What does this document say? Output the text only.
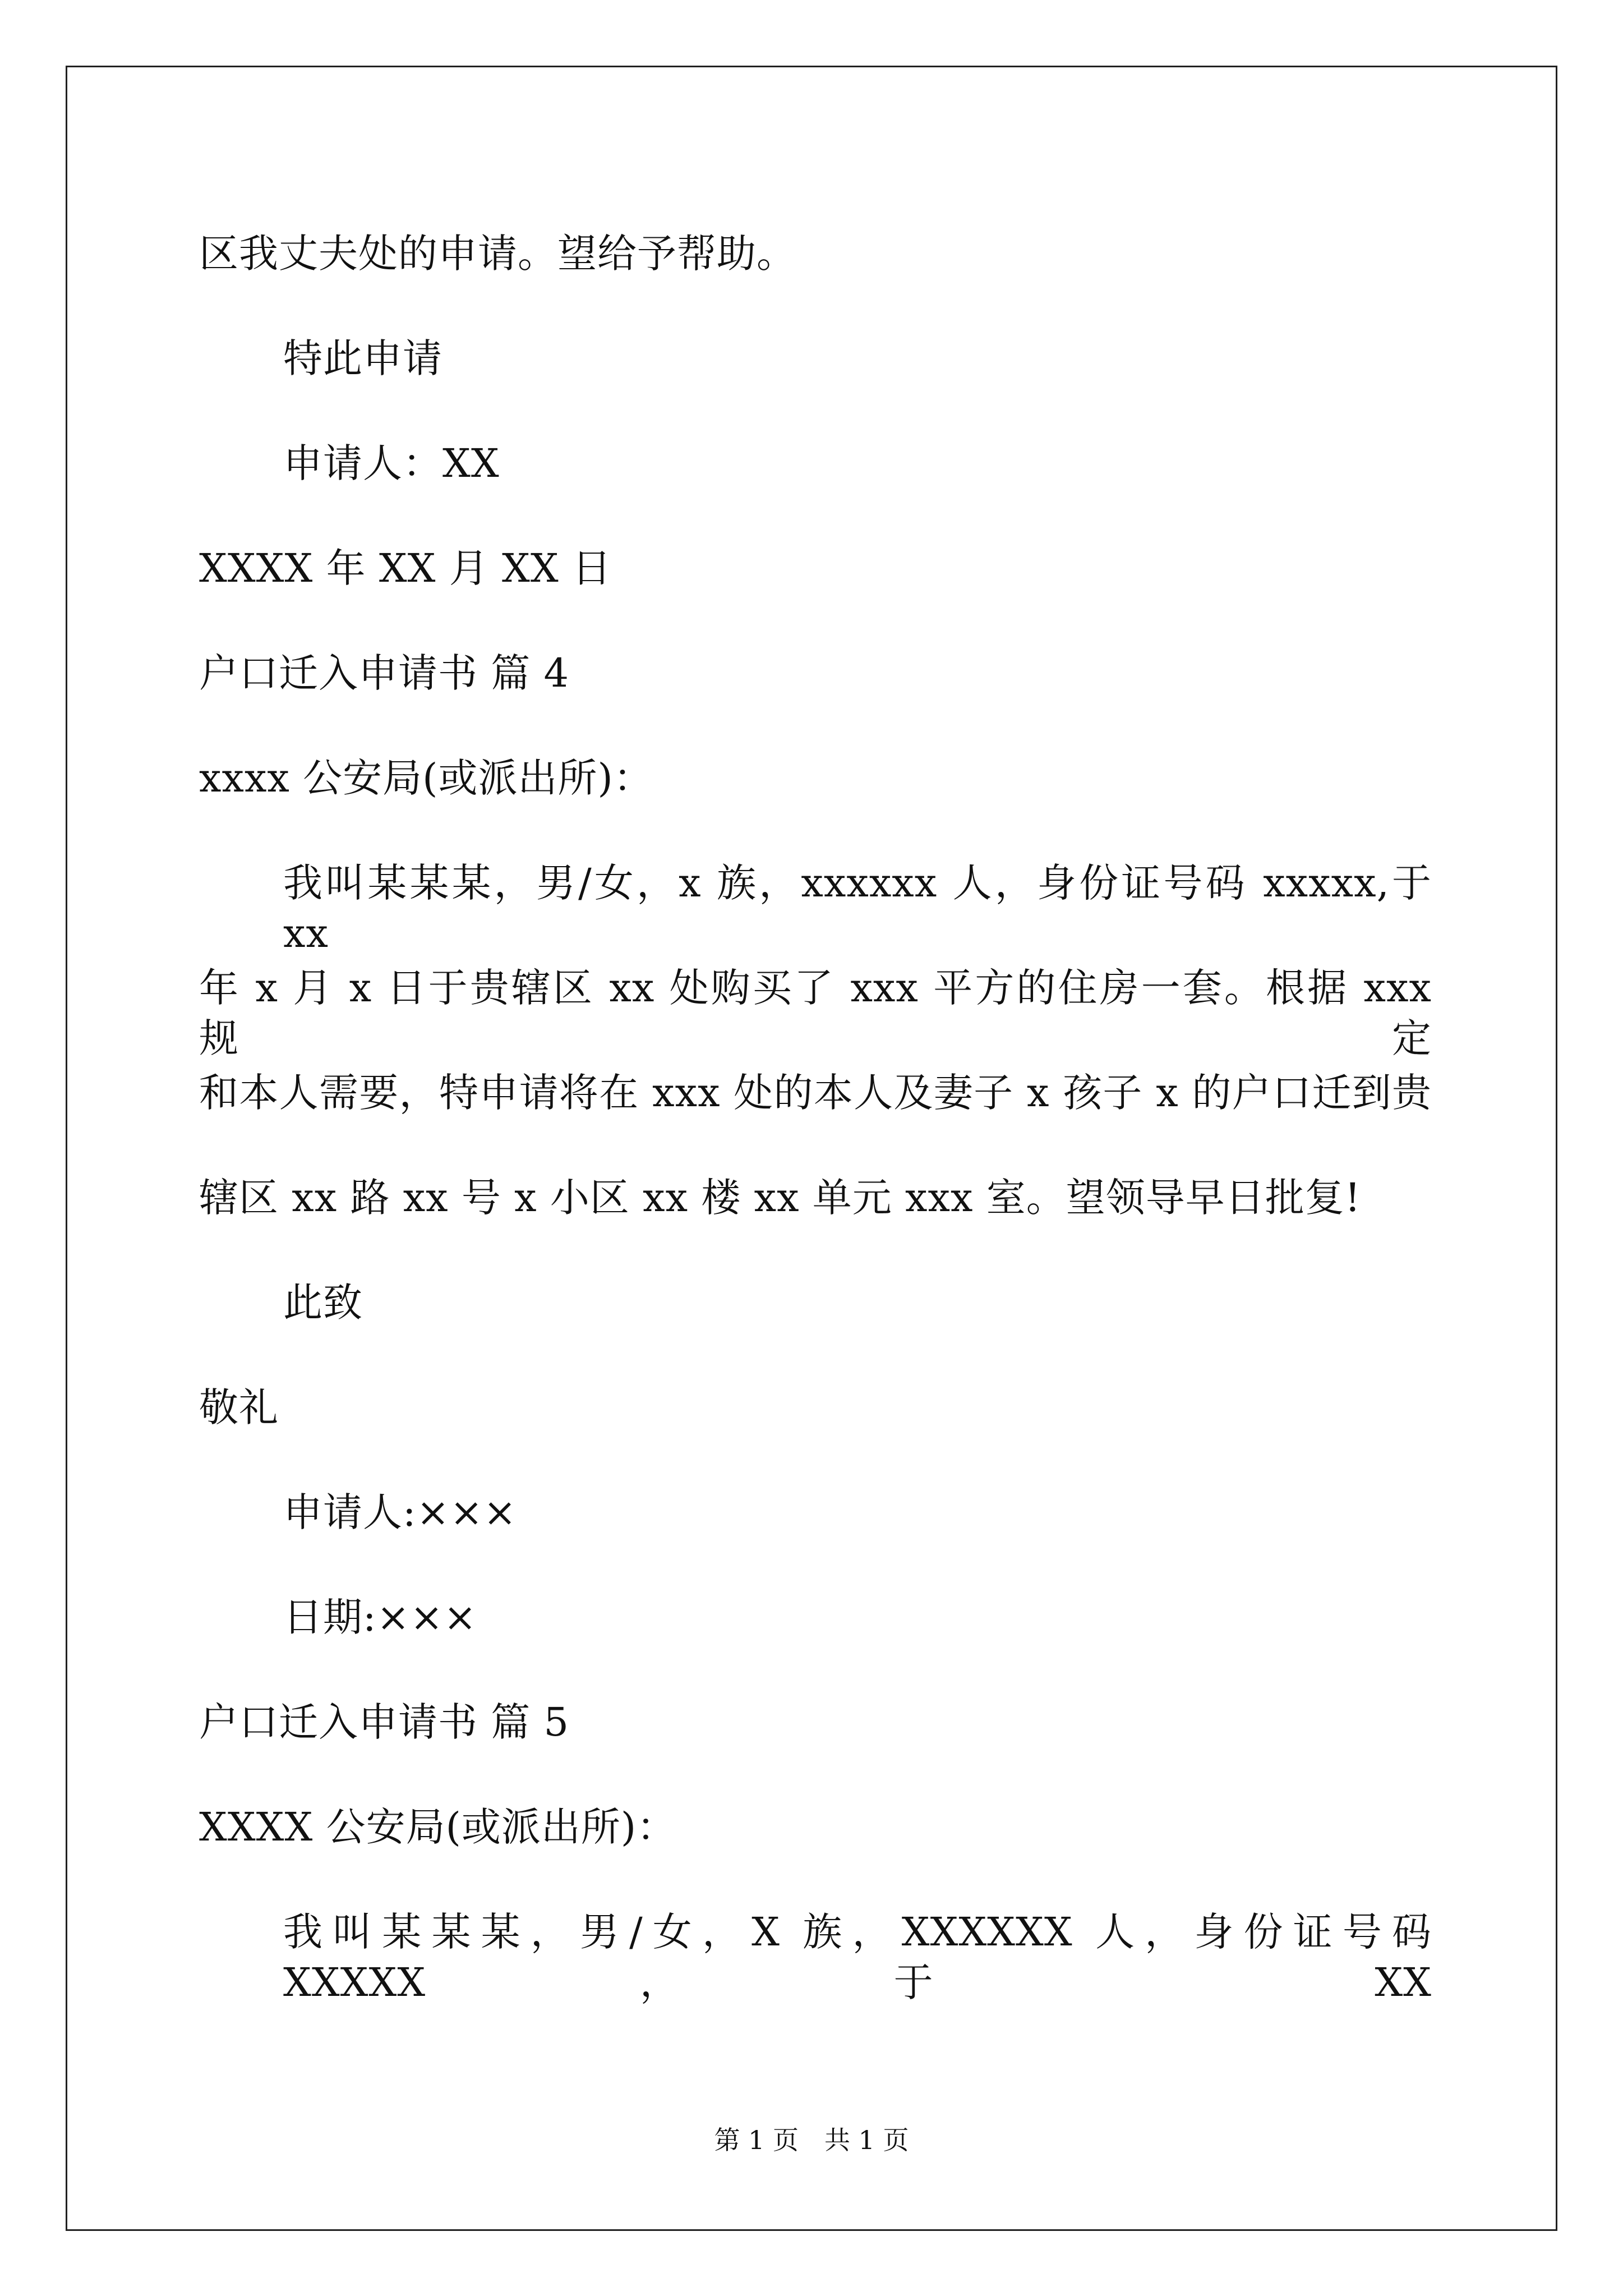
区我丈夫处的申请。望给予帮助。
特此申请
申请人：XX
XXXX 年 XX 月 XX 日
户口迁入申请书 篇 4
xxxx 公安局(或派出所)：
我叫某某某，男/女，x 族，xxxxxx 人，身份证号码 xxxxx,于 xx
年 x 月 x 日于贵辖区 xx 处购买了 xxx 平方的住房一套。根据 xxx 规定
和本人需要，特申请将在 xxx 处的本人及妻子 x 孩子 x 的户口迁到贵
辖区 xx 路 xx 号 x 小区 xx 楼 xx 单元 xxx 室。望领导早日批复!
此致
敬礼
申请人:×××
日期:×××
户口迁入申请书 篇 5
XXXX 公安局(或派出所)：
我叫某某某，男/女，X 族，XXXXXX 人，身份证号码 XXXXX，于 XX
第 1 页　共 1 页
